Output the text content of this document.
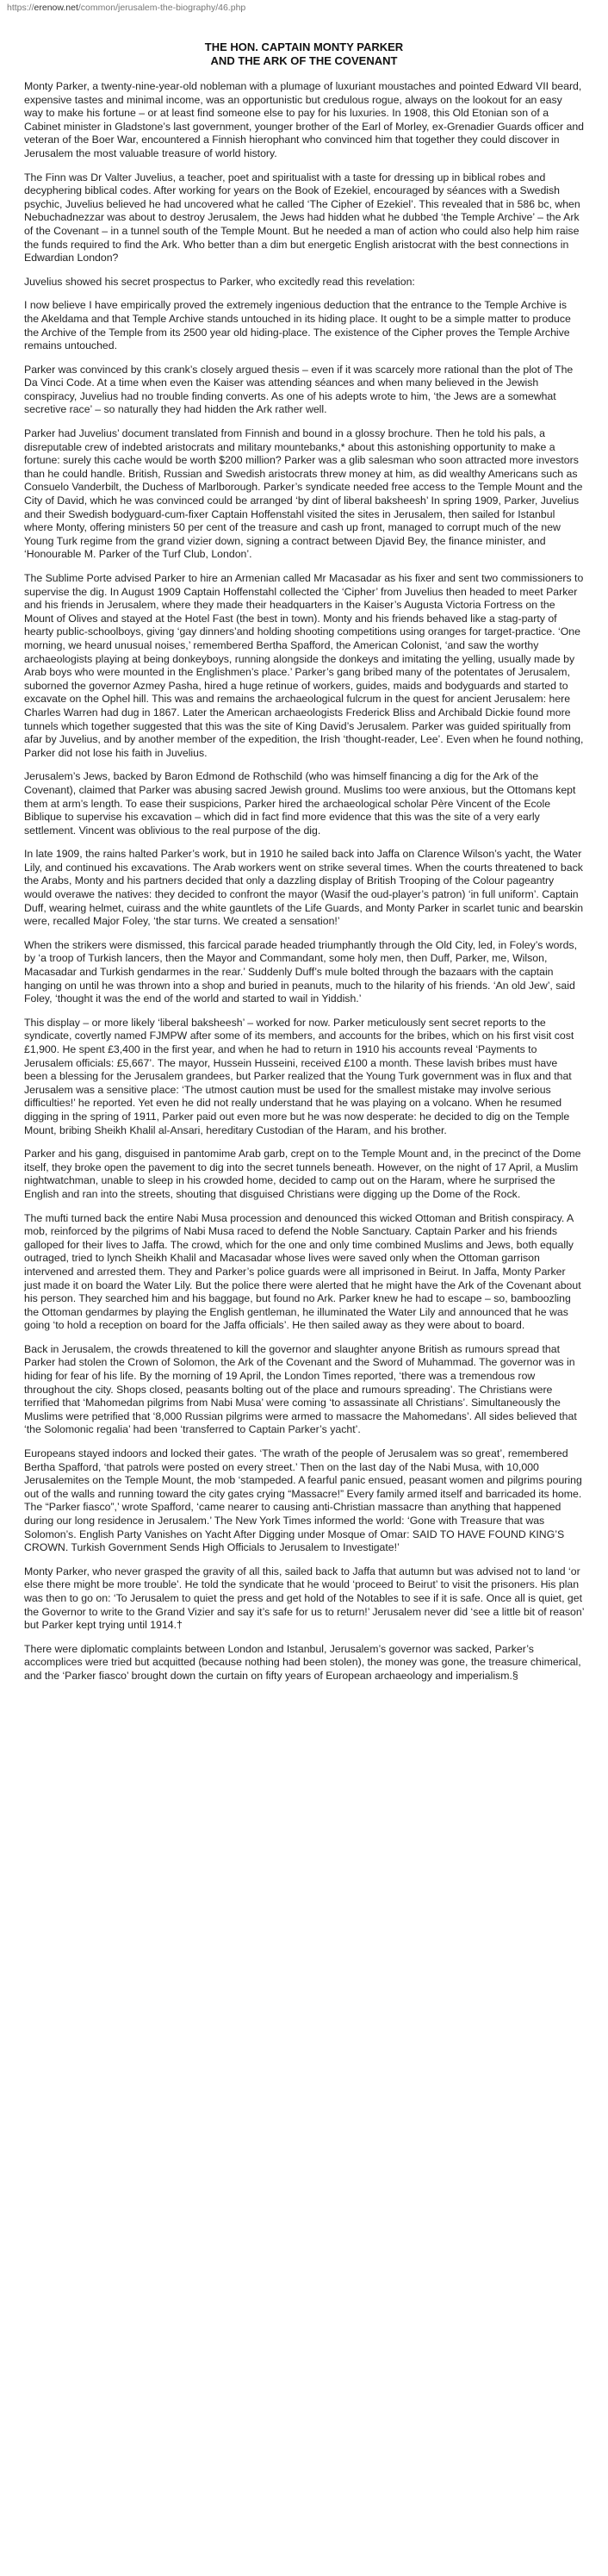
https://erenow.net/common/jerusalem-the-biography/46.php
THE HON. CAPTAIN MONTY PARKER
AND THE ARK OF THE COVENANT

Monty Parker, a twenty-nine-year-old nobleman with a plumage of luxuriant moustaches and pointed Edward VII beard, expensive tastes and minimal income, was an opportunistic but credulous rogue, always on the lookout for an easy way to make his fortune – or at least find someone else to pay for his luxuries. In 1908, this Old Etonian son of a Cabinet minister in Gladstone’s last government, younger brother of the Earl of Morley, ex-Grenadier Guards officer and veteran of the Boer War, encountered a Finnish hierophant who convinced him that together they could discover in Jerusalem the most valuable treasure of world history.

The Finn was Dr Valter Juvelius, a teacher, poet and spiritualist with a taste for dressing up in biblical robes and decyphering biblical codes. After working for years on the Book of Ezekiel, encouraged by séances with a Swedish psychic, Juvelius believed he had uncovered what he called ‘The Cipher of Ezekiel’. This revealed that in 586 bc, when Nebuchadnezzar was about to destroy Jerusalem, the Jews had hidden what he dubbed ‘the Temple Archive’ – the Ark of the Covenant – in a tunnel south of the Temple Mount. But he needed a man of action who could also help him raise the funds required to find the Ark. Who better than a dim but energetic English aristocrat with the best connections in Edwardian London?

Juvelius showed his secret prospectus to Parker, who excitedly read this revelation:

I now believe I have empirically proved the extremely ingenious deduction that the entrance to the Temple Archive is the Akeldama and that Temple Archive stands untouched in its hiding place. It ought to be a simple matter to produce the Archive of the Temple from its 2500 year old hiding-place. The existence of the Cipher proves the Temple Archive remains untouched.

Parker was convinced by this crank’s closely argued thesis – even if it was scarcely more rational than the plot of The Da Vinci Code. At a time when even the Kaiser was attending séances and when many believed in the Jewish conspiracy, Juvelius had no trouble finding converts. As one of his adepts wrote to him, ‘the Jews are a somewhat secretive race’ – so naturally they had hidden the Ark rather well.

Parker had Juvelius’ document translated from Finnish and bound in a glossy brochure. Then he told his pals, a disreputable crew of indebted aristocrats and military mountebanks,* about this astonishing opportunity to make a fortune: surely this cache would be worth $200 million? Parker was a glib salesman who soon attracted more investors than he could handle. British, Russian and Swedish aristocrats threw money at him, as did wealthy Americans such as Consuelo Vanderbilt, the Duchess of Marlborough. Parker’s syndicate needed free access to the Temple Mount and the City of David, which he was convinced could be arranged ‘by dint of liberal baksheesh’ In spring 1909, Parker, Juvelius and their Swedish bodyguard-cum-fixer Captain Hoffenstahl visited the sites in Jerusalem, then sailed for Istanbul where Monty, offering ministers 50 per cent of the treasure and cash up front, managed to corrupt much of the new Young Turk regime from the grand vizier down, signing a contract between Djavid Bey, the finance minister, and ‘Honourable M. Parker of the Turf Club, London’.

The Sublime Porte advised Parker to hire an Armenian called Mr Macasadar as his fixer and sent two commissioners to supervise the dig. In August 1909 Captain Hoffenstahl collected the ‘Cipher’ from Juvelius then headed to meet Parker and his friends in Jerusalem, where they made their headquarters in the Kaiser’s Augusta Victoria Fortress on the Mount of Olives and stayed at the Hotel Fast (the best in town). Monty and his friends behaved like a stag-party of hearty public-schoolboys, giving ‘gay dinners’and holding shooting competitions using oranges for target-practice. ‘One morning, we heard unusual noises,’ remembered Bertha Spafford, the American Colonist, ‘and saw the worthy archaeologists playing at being donkeyboys, running alongside the donkeys and imitating the yelling, usually made by Arab boys who were mounted in the Englishmen’s place.’ Parker’s gang bribed many of the potentates of Jerusalem, suborned the governor Azmey Pasha, hired a huge retinue of workers, guides, maids and bodyguards and started to excavate on the Ophel hill. This was and remains the archaeological fulcrum in the quest for ancient Jerusalem: here Charles Warren had dug in 1867. Later the American archaeologists Frederick Bliss and Archibald Dickie found more tunnels which together suggested that this was the site of King David’s Jerusalem. Parker was guided spiritually from afar by Juvelius, and by another member of the expedition, the Irish ‘thought-reader, Lee’. Even when he found nothing, Parker did not lose his faith in Juvelius.

Jerusalem’s Jews, backed by Baron Edmond de Rothschild (who was himself financing a dig for the Ark of the Covenant), claimed that Parker was abusing sacred Jewish ground. Muslims too were anxious, but the Ottomans kept them at arm’s length. To ease their suspicions, Parker hired the archaeological scholar Père Vincent of the Ecole Biblique to supervise his excavation – which did in fact find more evidence that this was the site of a very early settlement. Vincent was oblivious to the real purpose of the dig.

In late 1909, the rains halted Parker’s work, but in 1910 he sailed back into Jaffa on Clarence Wilson’s yacht, the Water Lily, and continued his excavations. The Arab workers went on strike several times. When the courts threatened to back the Arabs, Monty and his partners decided that only a dazzling display of British Trooping of the Colour pageantry would overawe the natives: they decided to confront the mayor (Wasif the oud-player’s patron) ‘in full uniform’. Captain Duff, wearing helmet, cuirass and the white gauntlets of the Life Guards, and Monty Parker in scarlet tunic and bearskin were, recalled Major Foley, ‘the star turns. We created a sensation!’

When the strikers were dismissed, this farcical parade headed triumphantly through the Old City, led, in Foley’s words, by ‘a troop of Turkish lancers, then the Mayor and Commandant, some holy men, then Duff, Parker, me, Wilson, Macasadar and Turkish gendarmes in the rear.’ Suddenly Duff’s mule bolted through the bazaars with the captain hanging on until he was thrown into a shop and buried in peanuts, much to the hilarity of his friends. ‘An old Jew’, said Foley, ‘thought it was the end of the world and started to wail in Yiddish.’

This display – or more likely ‘liberal baksheesh’ – worked for now. Parker meticulously sent secret reports to the syndicate, covertly named FJMPW after some of its members, and accounts for the bribes, which on his first visit cost £1,900. He spent £3,400 in the first year, and when he had to return in 1910 his accounts reveal ‘Payments to Jerusalem officials: £5,667’. The mayor, Hussein Husseini, received £100 a month. These lavish bribes must have been a blessing for the Jerusalem grandees, but Parker realized that the Young Turk government was in flux and that Jerusalem was a sensitive place: ‘The utmost caution must be used for the smallest mistake may involve serious difficulties!’ he reported. Yet even he did not really understand that he was playing on a volcano. When he resumed digging in the spring of 1911, Parker paid out even more but he was now desperate: he decided to dig on the Temple Mount, bribing Sheikh Khalil al-Ansari, hereditary Custodian of the Haram, and his brother.

Parker and his gang, disguised in pantomime Arab garb, crept on to the Temple Mount and, in the precinct of the Dome itself, they broke open the pavement to dig into the secret tunnels beneath. However, on the night of 17 April, a Muslim nightwatchman, unable to sleep in his crowded home, decided to camp out on the Haram, where he surprised the English and ran into the streets, shouting that disguised Christians were digging up the Dome of the Rock.

The mufti turned back the entire Nabi Musa procession and denounced this wicked Ottoman and British conspiracy. A mob, reinforced by the pilgrims of Nabi Musa raced to defend the Noble Sanctuary. Captain Parker and his friends galloped for their lives to Jaffa. The crowd, which for the one and only time combined Muslims and Jews, both equally outraged, tried to lynch Sheikh Khalil and Macasadar whose lives were saved only when the Ottoman garrison intervened and arrested them. They and Parker’s police guards were all imprisoned in Beirut. In Jaffa, Monty Parker just made it on board the Water Lily. But the police there were alerted that he might have the Ark of the Covenant about his person. They searched him and his baggage, but found no Ark. Parker knew he had to escape – so, bamboozling the Ottoman gendarmes by playing the English gentleman, he illuminated the Water Lily and announced that he was going ‘to hold a reception on board for the Jaffa officials’. He then sailed away as they were about to board.

Back in Jerusalem, the crowds threatened to kill the governor and slaughter anyone British as rumours spread that Parker had stolen the Crown of Solomon, the Ark of the Covenant and the Sword of Muhammad. The governor was in hiding for fear of his life. By the morning of 19 April, the London Times reported, ‘there was a tremendous row throughout the city. Shops closed, peasants bolting out of the place and rumours spreading’. The Christians were terrified that ‘Mahomedan pilgrims from Nabi Musa’ were coming ‘to assassinate all Christians’. Simultaneously the Muslims were petrified that ‘8,000 Russian pilgrims were armed to massacre the Mahomedans’. All sides believed that ‘the Solomonic regalia’ had been ‘transferred to Captain Parker’s yacht’.

Europeans stayed indoors and locked their gates. ‘The wrath of the people of Jerusalem was so great’, remembered Bertha Spafford, ‘that patrols were posted on every street.’ Then on the last day of the Nabi Musa, with 10,000 Jerusalemites on the Temple Mount, the mob ‘stampeded. A fearful panic ensued, peasant women and pilgrims pouring out of the walls and running toward the city gates crying “Massacre!” Every family armed itself and barricaded its home. The “Parker fiasco”,’ wrote Spafford, ‘came nearer to causing anti-Christian massacre than anything that happened during our long residence in Jerusalem.’ The New York Times informed the world: ‘Gone with Treasure that was Solomon’s. English Party Vanishes on Yacht After Digging under Mosque of Omar: SAID TO HAVE FOUND KING’S CROWN. Turkish Government Sends High Officials to Jerusalem to Investigate!’

Monty Parker, who never grasped the gravity of all this, sailed back to Jaffa that autumn but was advised not to land ‘or else there might be more trouble’. He told the syndicate that he would ‘proceed to Beirut’ to visit the prisoners. His plan was then to go on: ‘To Jerusalem to quiet the press and get hold of the Notables to see if it is safe. Once all is quiet, get the Governor to write to the Grand Vizier and say it’s safe for us to return!’ Jerusalem never did ‘see a little bit of reason’ but Parker kept trying until 1914.†

There were diplomatic complaints between London and Istanbul, Jerusalem’s governor was sacked, Parker’s accomplices were tried but acquitted (because nothing had been stolen), the money was gone, the treasure chimerical, and the ‘Parker fiasco’ brought down the curtain on fifty years of European archaeology and imperialism.§
